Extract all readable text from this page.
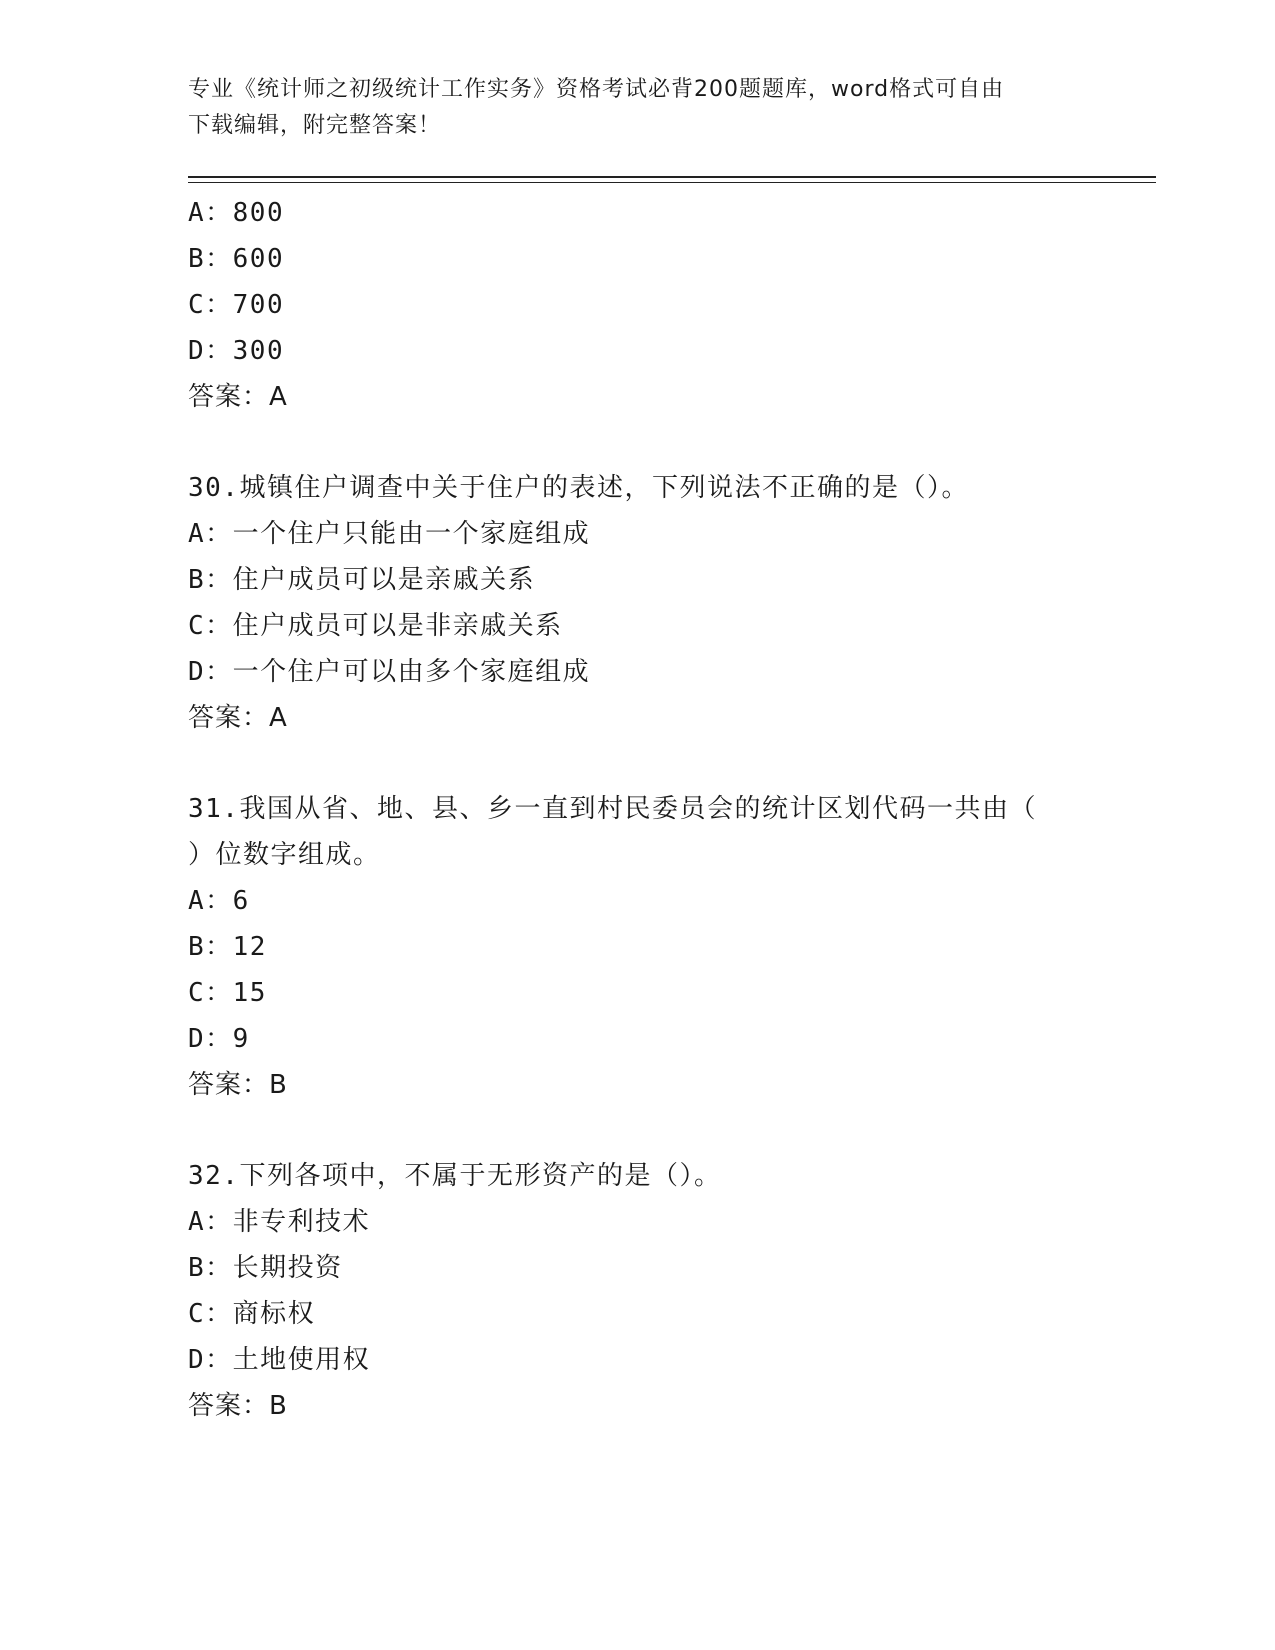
专业《统计师之初级统计工作实务》资格考试必背200题题库，word格式可自由
下载编辑，附完整答案！
A：800
B：600
C：700
D：300
答案：A
30.城镇住户调查中关于住户的表述，下列说法不正确的是（）。
A：一个住户只能由一个家庭组成
B：住户成员可以是亲戚关系
C：住户成员可以是非亲戚关系
D：一个住户可以由多个家庭组成
答案：A
31.我国从省、地、县、乡一直到村民委员会的统计区划代码一共由（
）位数字组成。
A：6
B：12
C：15
D：9
答案：B
32.下列各项中，不属于无形资产的是（）。
A：非专利技术
B：长期投资
C：商标权
D：土地使用权
答案：B
